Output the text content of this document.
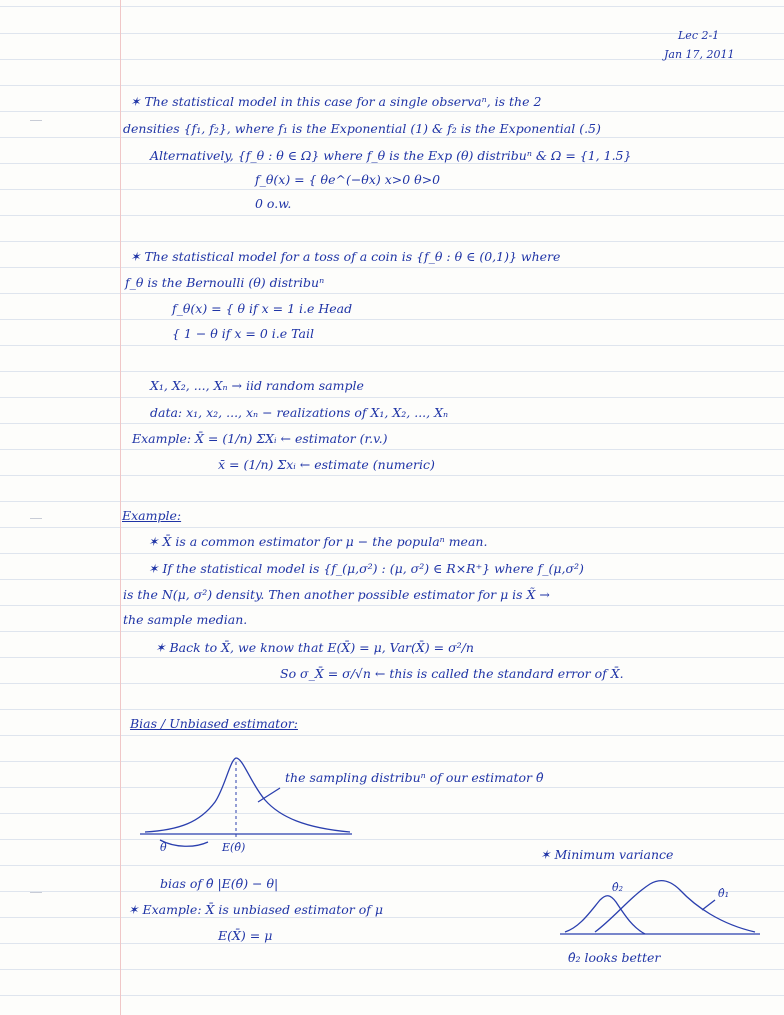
Lec 2-1
Jan 17, 2011
✶ The statistical model in this case for a single observaⁿ, is the 2
densities {f₁, f₂}, where f₁ is the Exponential (1) & f₂ is the Exponential (.5)
Alternatively, {f_θ : θ ∈ Ω} where f_θ is the Exp (θ) distribuⁿ & Ω = {1, 1.5}
f_θ(x) = { θe^(−θx) x>0 θ>0
0 o.w.
✶ The statistical model for a toss of a coin is {f_θ : θ ∈ (0,1)} where
f_θ is the Bernoulli (θ) distribuⁿ
f_θ(x) = { θ if x = 1 i.e Head
{ 1 − θ if x = 0 i.e Tail
X₁, X₂, ..., Xₙ → iid random sample
data: x₁, x₂, ..., xₙ − realizations of X₁, X₂, ..., Xₙ
Example: X̄ = (1/n) ΣXᵢ ← estimator (r.v.)
x̄ = (1/n) Σxᵢ ← estimate (numeric)
Example:
✶ X̄ is a common estimator for μ − the populaⁿ mean.
✶ If the statistical model is {f_(μ,σ²) : (μ, σ²) ∈ R×R⁺} where f_(μ,σ²)
is the N(μ, σ²) density. Then another possible estimator for μ is X̃ →
the sample median.
✶ Back to X̄, we know that E(X̄) = μ, Var(X̄) = σ²/n
So σ_X̄ = σ/√n ← this is called the standard error of X̄.
Bias / Unbiased estimator:
the sampling distribuⁿ of our estimator θ̂
θ	E(θ̂)
bias of θ̂ |E(θ̂) − θ|
✶ Example: X̄ is unbiased estimator of μ
E(X̄) = μ
✶ Minimum variance
θ̂₂	θ̂₁
θ̂₂ looks better
